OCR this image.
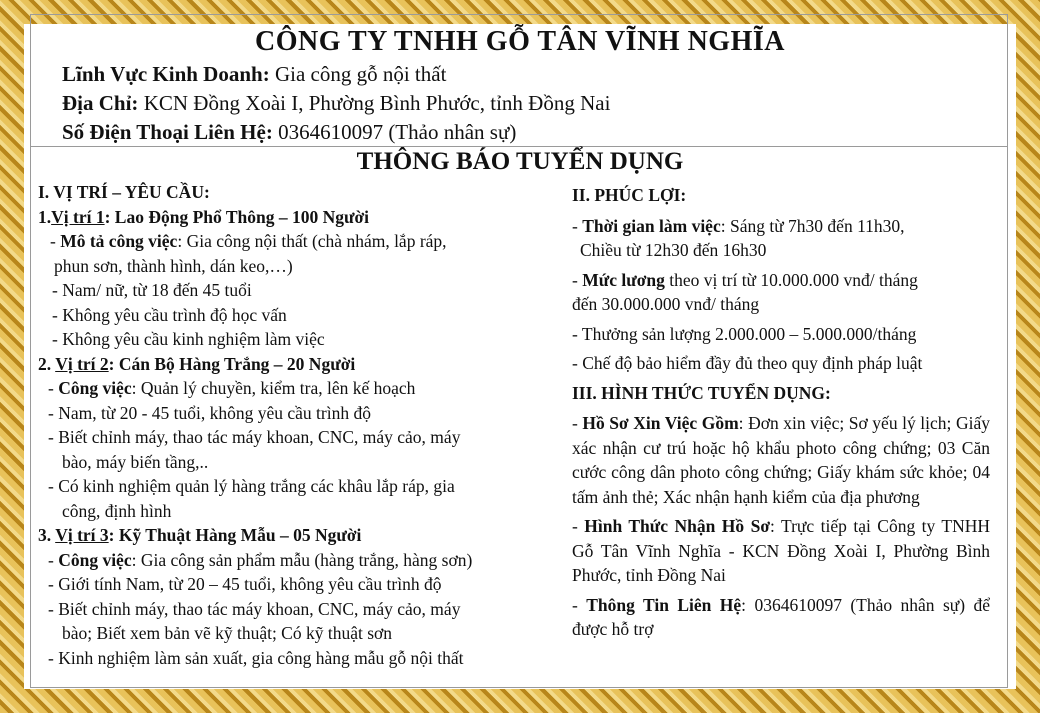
CÔNG TY TNHH GỖ TÂN VĨNH NGHĨA
Lĩnh Vực Kinh Doanh: Gia công gỗ nội thất
Địa Chỉ: KCN Đồng Xoài I, Phường Bình Phước, tỉnh Đồng Nai
Số Điện Thoại Liên Hệ: 0364610097 (Thảo nhân sự)
THÔNG BÁO TUYỂN DỤNG
I. VỊ TRÍ – YÊU CẦU:
1.Vị trí 1: Lao Động Phổ Thông – 100 Người
- Mô tả công việc: Gia công nội thất (chà nhám, lắp ráp,
phun sơn, thành hình, dán keo,…)
- Nam/ nữ, từ 18 đến 45 tuổi
- Không yêu cầu trình độ học vấn
- Không yêu cầu kinh nghiệm làm việc
2. Vị trí 2: Cán Bộ Hàng Trắng – 20 Người
- Công việc: Quản lý chuyền, kiểm tra, lên kế hoạch
- Nam, từ 20 - 45 tuổi, không yêu cầu trình độ
- Biết chỉnh máy, thao tác máy khoan, CNC, máy cảo, máy
bào, máy biến tầng,..
- Có kinh nghiệm quản lý hàng trắng các khâu lắp ráp, gia
công, định hình
3. Vị trí 3: Kỹ Thuật Hàng Mẫu – 05 Người
- Công việc: Gia công sản phẩm mẫu (hàng trắng, hàng sơn)
- Giới tính Nam, từ 20 – 45 tuổi, không yêu cầu trình độ
- Biết chỉnh máy, thao tác máy khoan, CNC, máy cảo, máy
bào; Biết xem bản vẽ kỹ thuật; Có kỹ thuật sơn
- Kinh nghiệm làm sản xuất, gia công hàng mẫu gỗ nội thất
II. PHÚC LỢI:
- Thời gian làm việc: Sáng từ 7h30 đến 11h30,
Chiều từ 12h30 đến 16h30
- Mức lương theo vị trí từ 10.000.000 vnđ/ tháng
đến 30.000.000 vnđ/ tháng
- Thưởng sản lượng 2.000.000 – 5.000.000/tháng
- Chế độ bảo hiểm đầy đủ theo quy định pháp luật
III. HÌNH THỨC TUYỂN DỤNG:
- Hồ Sơ Xin Việc Gồm: Đơn xin việc; Sơ yếu lý lịch; Giấy xác nhận cư trú hoặc hộ khẩu photo công chứng; 03 Căn cước công dân photo công chứng; Giấy khám sức khỏe; 04 tấm ảnh thẻ; Xác nhận hạnh kiểm của địa phương
- Hình Thức Nhận Hồ Sơ: Trực tiếp tại Công ty TNHH Gỗ Tân Vĩnh Nghĩa - KCN Đồng Xoài I, Phường Bình Phước, tỉnh Đồng Nai
- Thông Tin Liên Hệ: 0364610097 (Thảo nhân sự) để được hỗ trợ
